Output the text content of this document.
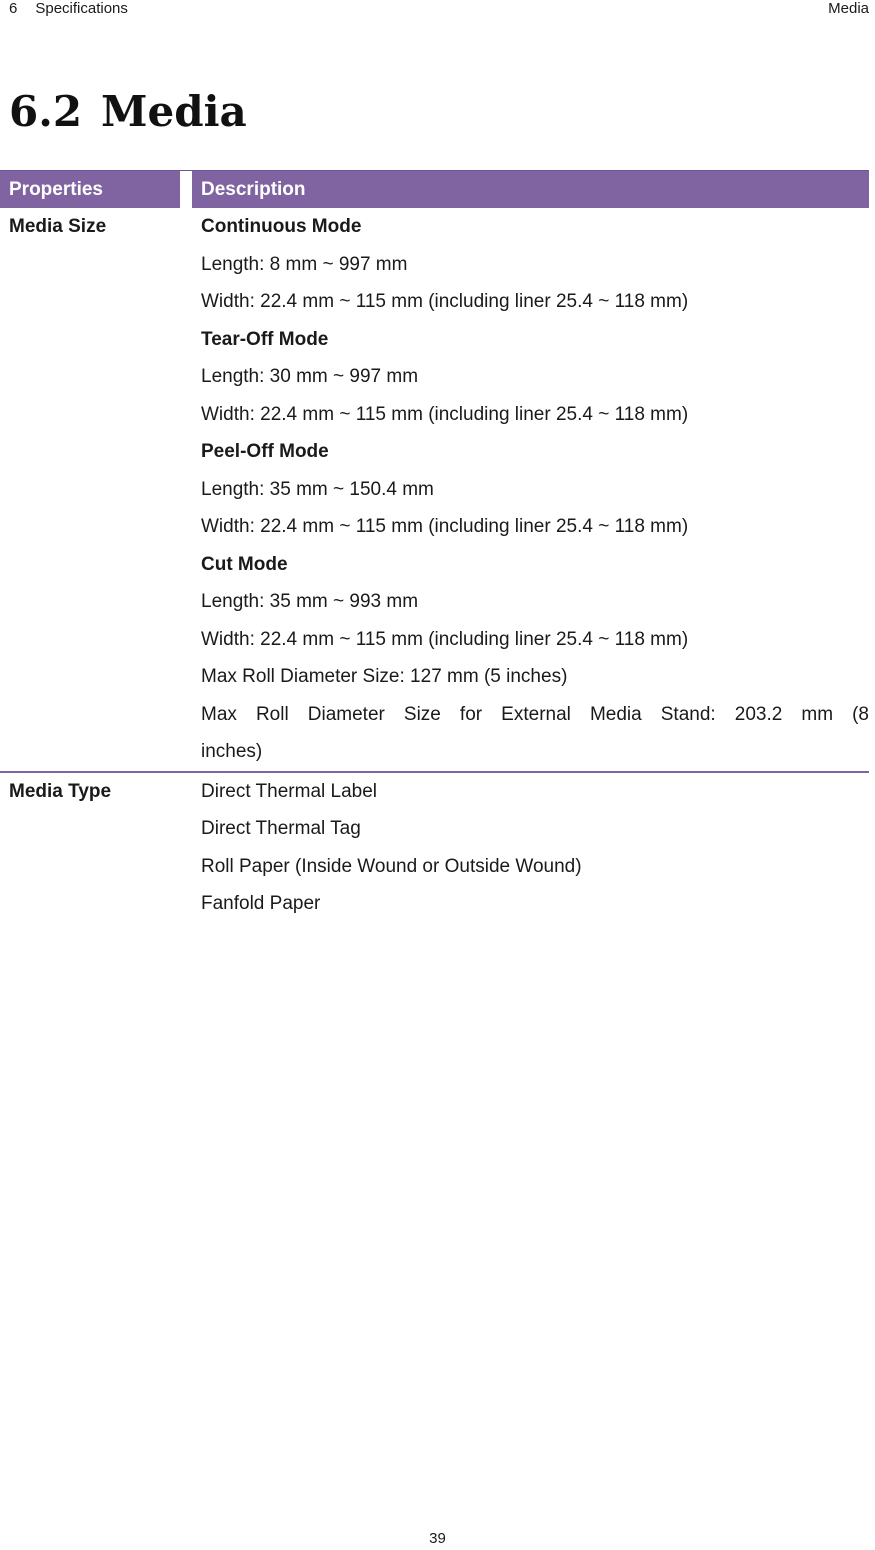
6 Specifications	Media
6.2 Media
Properties	Description
Media Size	Continuous Mode
Length: 8 mm ~ 997 mm
Width: 22.4 mm ~ 115 mm (including liner 25.4 ~ 118 mm)
Tear-Off Mode
Length: 30 mm ~ 997 mm
Width: 22.4 mm ~ 115 mm (including liner 25.4 ~ 118 mm)
Peel-Off Mode
Length: 35 mm ~ 150.4 mm
Width: 22.4 mm ~ 115 mm (including liner 25.4 ~ 118 mm)
Cut Mode
Length: 35 mm ~ 993 mm
Width: 22.4 mm ~ 115 mm (including liner 25.4 ~ 118 mm)
Max Roll Diameter Size: 127 mm (5 inches)
Max Roll Diameter Size for External Media Stand: 203.2 mm (8
inches)
Media Type	Direct Thermal Label
Direct Thermal Tag
Roll Paper (Inside Wound or Outside Wound)
Fanfold Paper
39
